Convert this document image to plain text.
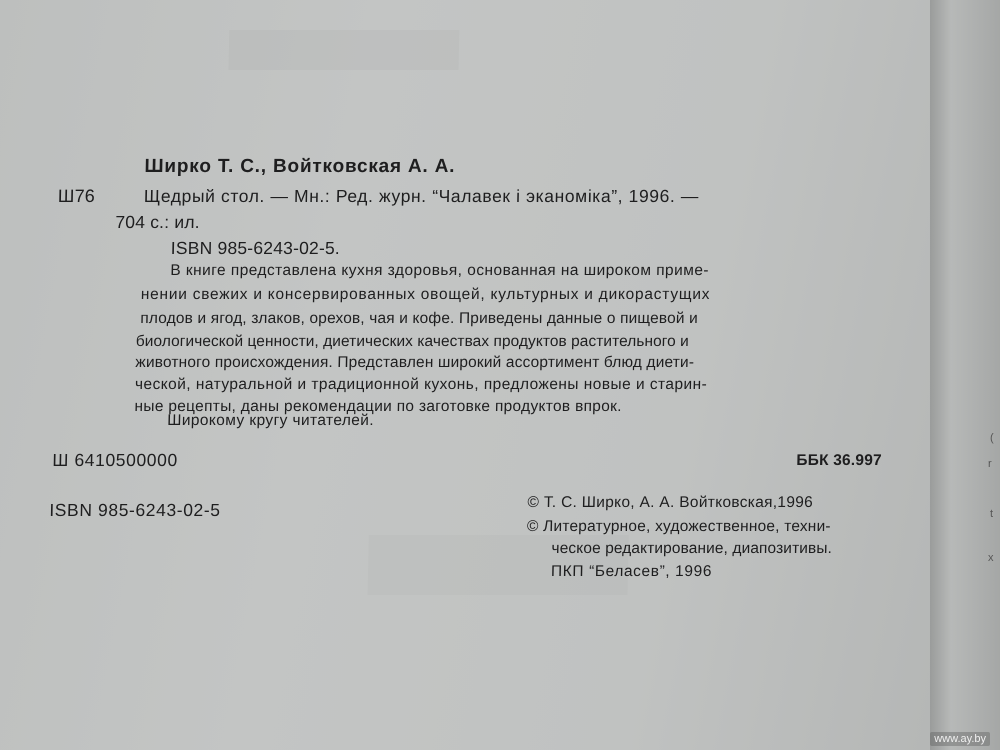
Ширко Т. С., Войтковская А. А.
Ш76	Щедрый стол. — Мн.: Ред. журн. “Чалавек і эканоміка”, 1996. —
704 с.: ил.
ISBN 985-6243-02-5.
В книге представлена кухня здоровья, основанная на широком приме-
нении свежих и консервированных овощей, культурных и дикорастущих
плодов и ягод, злаков, орехов, чая и кофе. Приведены данные о пищевой и
биологической ценности, диетических качествах продуктов растительного и
животного происхождения. Представлен широкий ассортимент блюд диети-
ческой, натуральной и традиционной кухонь, предложены новые и старин-
ные рецепты, даны рекомендации по заготовке продуктов впрок.
Широкому кругу читателей.
Ш 6410500000	ББК 36.997
ISBN 985-6243-02-5	© Т. С. Ширко, А. А. Войтковская,1996
© Литературное, художественное, техни-
ческое редактирование, диапозитивы.
ПКП “Беласев”, 1996
(
r
t
x
www.ay.by
